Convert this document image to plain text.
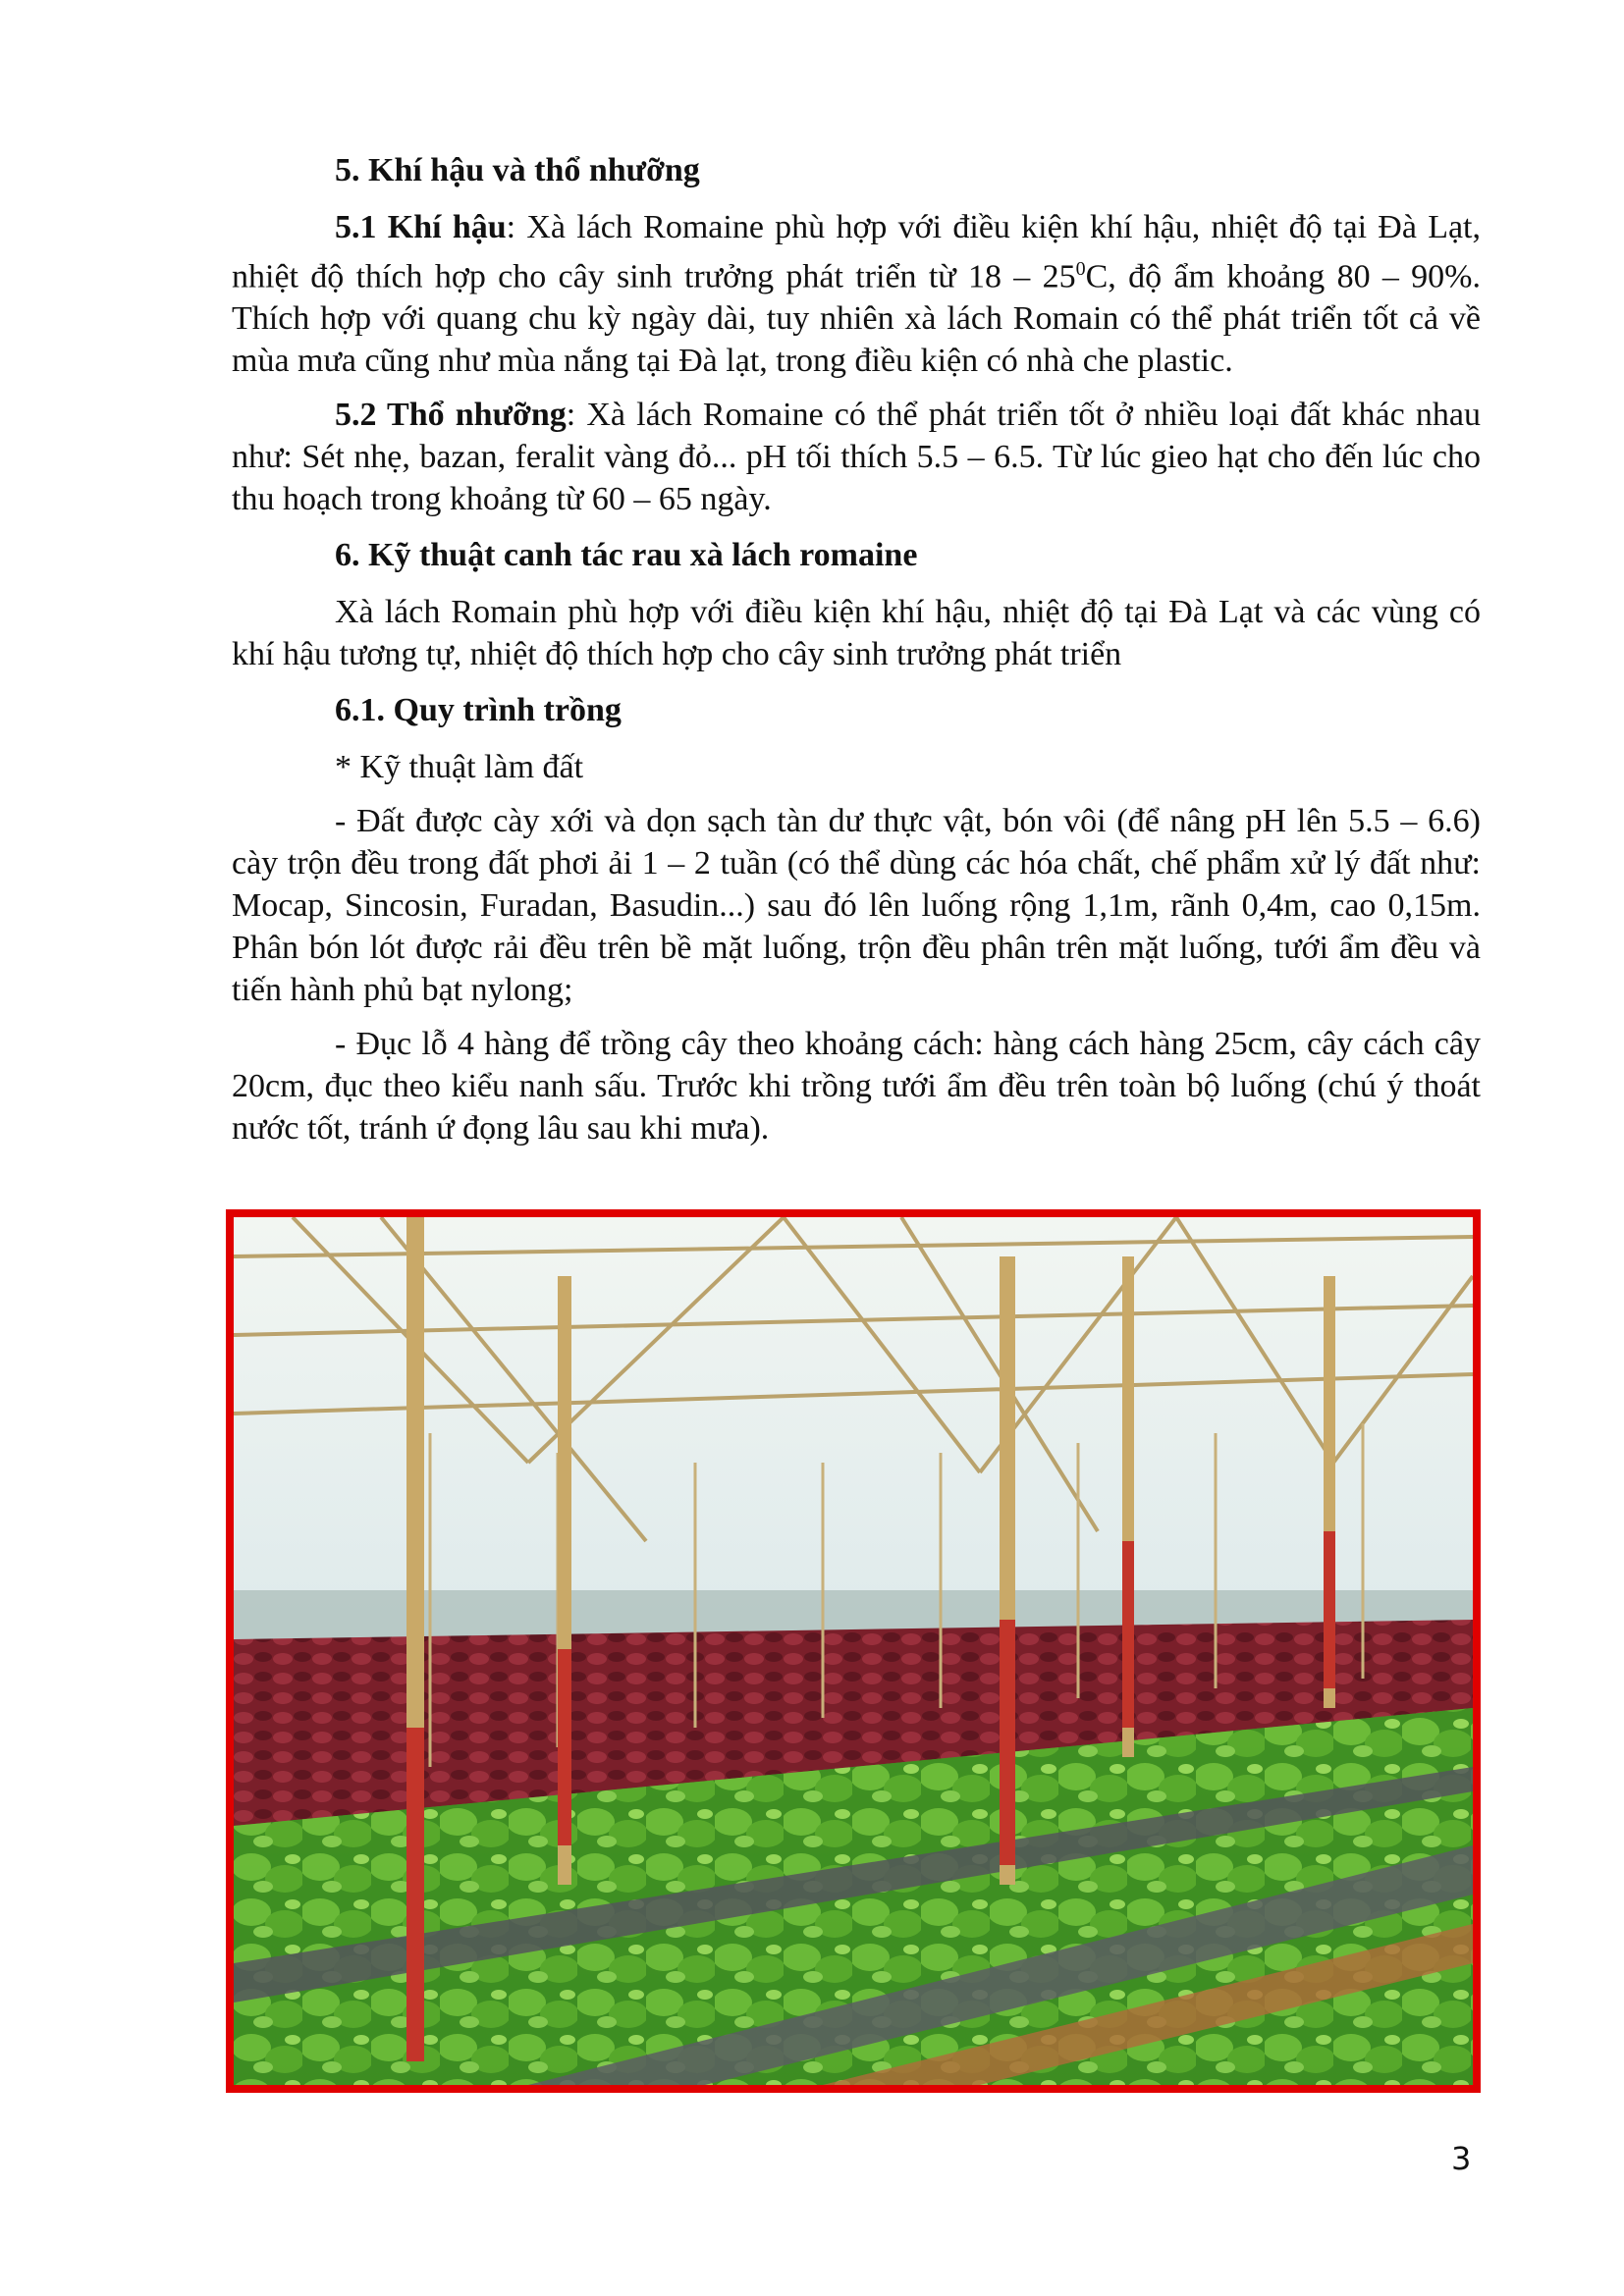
5. Khí hậu và thổ nhưỡng

5.1 Khí hậu: Xà lách Romaine phù hợp với điều kiện khí hậu, nhiệt độ tại Đà Lạt, nhiệt độ thích hợp cho cây sinh trưởng phát triển từ $18 - 25^0C$, độ ẩm khoảng 80 – 90%. Thích hợp với quang chu kỳ ngày dài, tuy nhiên xà lách Romain có thể phát triển tốt cả về mùa mưa cũng như mùa nắng tại Đà lạt, trong điều kiện có nhà che plastic.

5.2 Thổ nhưỡng: Xà lách Romaine có thể phát triển tốt ở nhiều loại đất khác nhau như: Sét nhẹ, bazan, feralit vàng đỏ... pH tối thích 5.5 – 6.5. Từ lúc gieo hạt cho đến lúc cho thu hoạch trong khoảng từ 60 – 65 ngày.

6. Kỹ thuật canh tác rau xà lách romaine

Xà lách Romain phù hợp với điều kiện khí hậu, nhiệt độ tại Đà Lạt và các vùng có khí hậu tương tự, nhiệt độ thích hợp cho cây sinh trưởng phát triển

6.1. Quy trình trồng

* Kỹ thuật làm đất

- Đất được cày xới và dọn sạch tàn dư thực vật, bón vôi (để nâng pH lên 5.5 – 6.6) cày trộn đều trong đất phơi ải 1 – 2 tuần (có thể dùng các hóa chất, chế phẩm xử lý đất như: Mocap, Sincosin, Furadan, Basudin...) sau đó lên luống rộng 1,1m, rãnh 0,4m, cao 0,15m. Phân bón lót được rải đều trên bề mặt luống, trộn đều phân trên mặt luống, tưới ẩm đều và tiến hành phủ bạt nylong;

- Đục lỗ 4 hàng để trồng cây theo khoảng cách: hàng cách hàng 25cm, cây cách cây 20cm, đục theo kiểu nanh sấu. Trước khi trồng tưới ẩm đều trên toàn bộ luống (chú ý thoát nước tốt, tránh ứ đọng lâu sau khi mưa).

3
